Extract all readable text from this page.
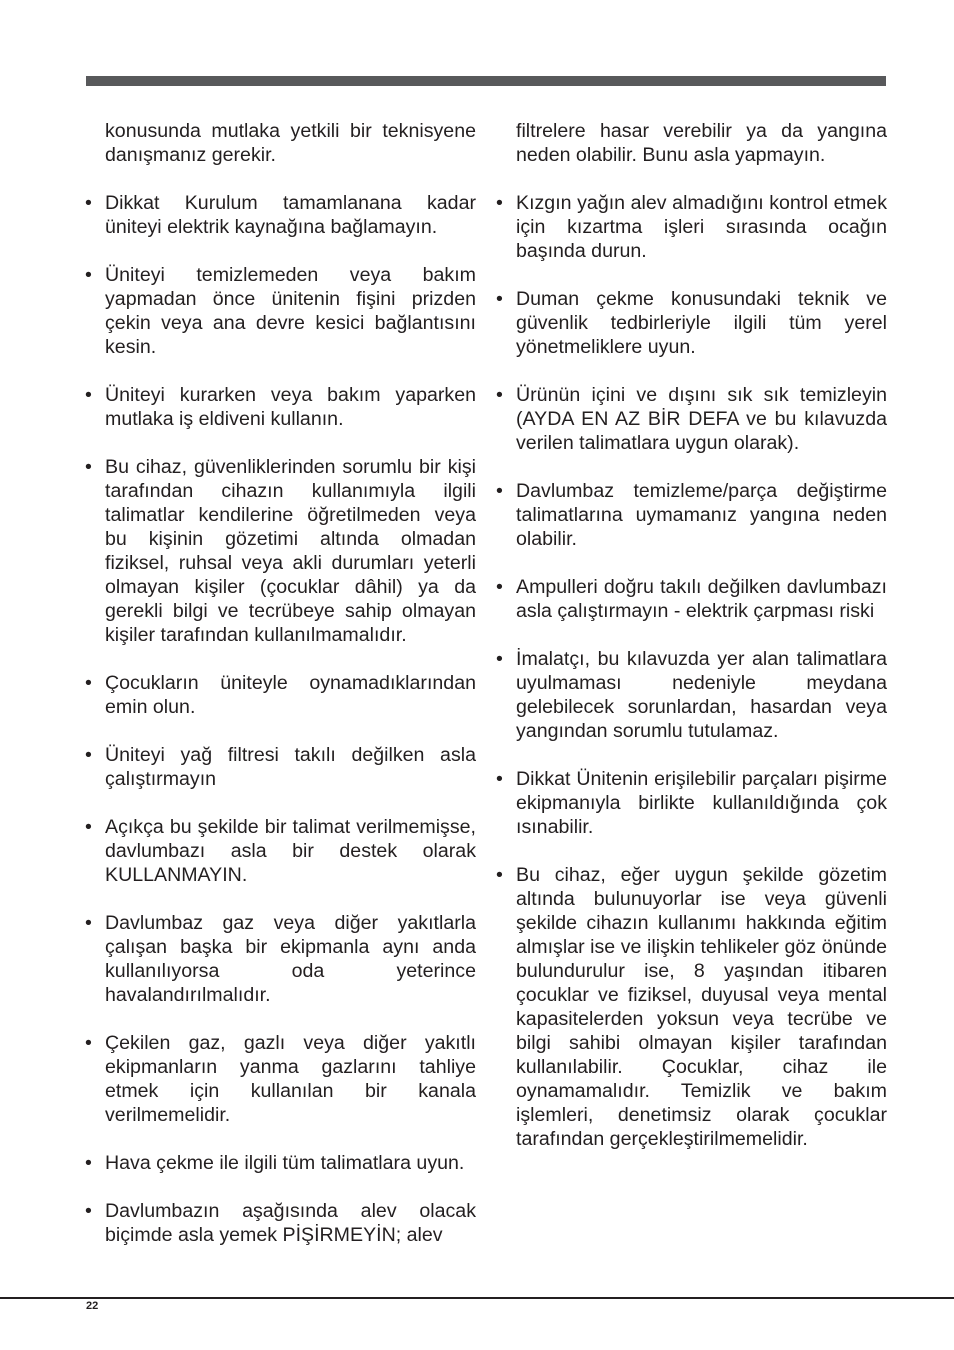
konusunda mutlaka yetkili bir teknisyene danışmanız gerekir.
• Dikkat Kurulum tamamlanana kadar üniteyi elektrik kaynağına bağlamayın.
• Üniteyi temizlemeden veya bakım yapmadan önce ünitenin fişini prizden çekin veya ana devre kesici bağlantısını kesin.
• Üniteyi kurarken veya bakım yaparken mutlaka iş eldiveni kullanın.
• Bu cihaz, güvenliklerinden sorumlu bir kişi tarafından cihazın kullanımıyla ilgili talimatlar kendilerine öğretilmeden veya bu kişinin gözetimi altında olmadan fiziksel, ruhsal veya akli durumları yeterli olmayan kişiler (çocuklar dâhil) ya da gerekli bilgi ve tecrübeye sahip olmayan kişiler tarafından kullanılmamalıdır.
• Çocukların üniteyle oynamadıklarından emin olun.
• Üniteyi yağ filtresi takılı değilken asla çalıştırmayın
• Açıkça bu şekilde bir talimat verilmemişse, davlumbazı asla bir destek olarak KULLANMAYIN.
• Davlumbaz gaz veya diğer yakıtlarla çalışan başka bir ekipmanla aynı anda kullanılıyorsa oda yeterince havalandırılmalıdır.
• Çekilen gaz, gazlı veya diğer yakıtlı ekipmanların yanma gazlarını tahliye etmek için kullanılan bir kanala verilmemelidir.
• Hava çekme ile ilgili tüm talimatlara uyun.
• Davlumbazın aşağısında alev olacak biçimde asla yemek PİŞİRMEYİN; alev
filtrelere hasar verebilir ya da yangına neden olabilir. Bunu asla yapmayın.
• Kızgın yağın alev almadığını kontrol etmek için kızartma işleri sırasında ocağın başında durun.
• Duman çekme konusundaki teknik ve güvenlik tedbirleriyle ilgili tüm yerel yönetmeliklere uyun.
• Ürünün içini ve dışını sık sık temizleyin (AYDA EN AZ BİR DEFA ve bu kılavuzda verilen talimatlara uygun olarak).
• Davlumbaz temizleme/parça değiştirme talimatlarına uymamanız yangına neden olabilir.
• Ampulleri doğru takılı değilken davlumbazı asla çalıştırmayın - elektrik çarpması riski
• İmalatçı, bu kılavuzda yer alan talimatlara uyulmaması nedeniyle meydana gelebilecek sorunlardan, hasardan veya yangından sorumlu tutulamaz.
• Dikkat Ünitenin erişilebilir parçaları pişirme ekipmanıyla birlikte kullanıldığında çok ısınabilir.
• Bu cihaz, eğer uygun şekilde gözetim altında bulunuyorlar ise veya güvenli şekilde cihazın kullanımı hakkında eğitim almışlar ise ve ilişkin tehlikeler göz önünde bulundurulur ise, 8 yaşından itibaren çocuklar ve fiziksel, duyusal veya mental kapasitelerden yoksun veya tecrübe ve bilgi sahibi olmayan kişiler tarafından kullanılabilir. Çocuklar, cihaz ile oynamamalıdır. Temizlik ve bakım işlemleri, denetimsiz olarak çocuklar tarafından gerçekleştirilmemelidir.
22
